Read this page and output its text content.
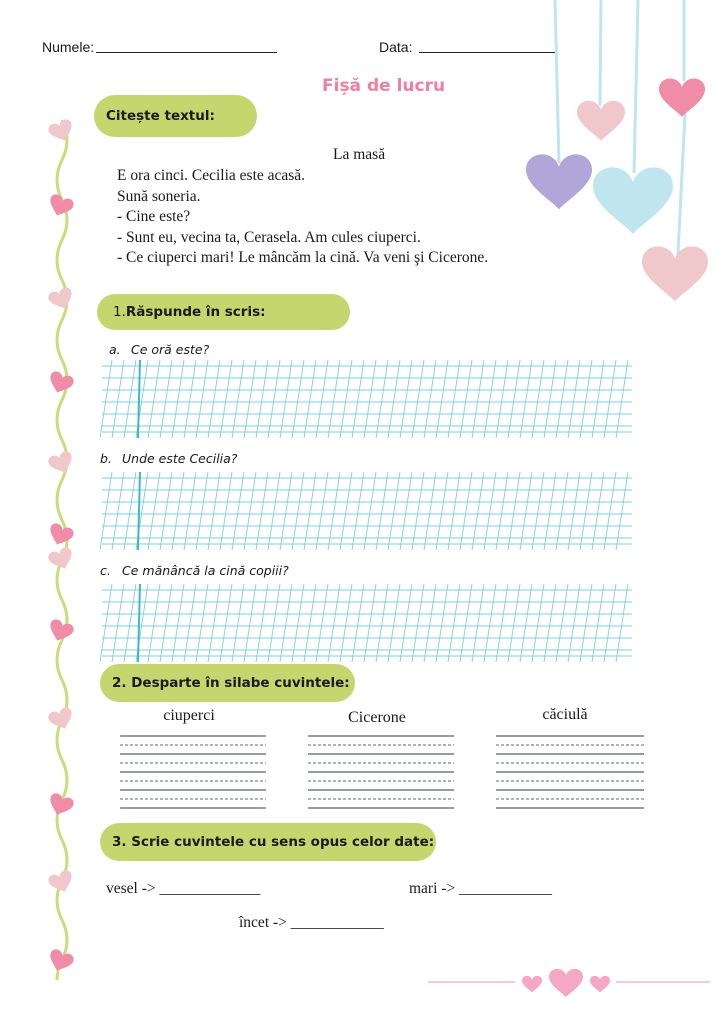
Numele:	Data:
Fișă de lucru
Citește textul:
La masă
E ora cinci. Cecilia este acasă.
Sună soneria.
- Cine este?
- Sunt eu, vecina ta, Cerasela. Am cules ciuperci.
- Ce ciuperci mari! Le mâncăm la cină. Va veni şi Cicerone.
1. Răspunde în scris:
a. Ce oră este?
b. Unde este Cecilia?
c. Ce mănâncă la cină copiii?
2. Desparte în silabe cuvintele:
ciuperci	Cicerone	căciulă
3. Scrie cuvintele cu sens opus celor date:
vesel -> _____________	mari -> ____________
încet -> ____________
